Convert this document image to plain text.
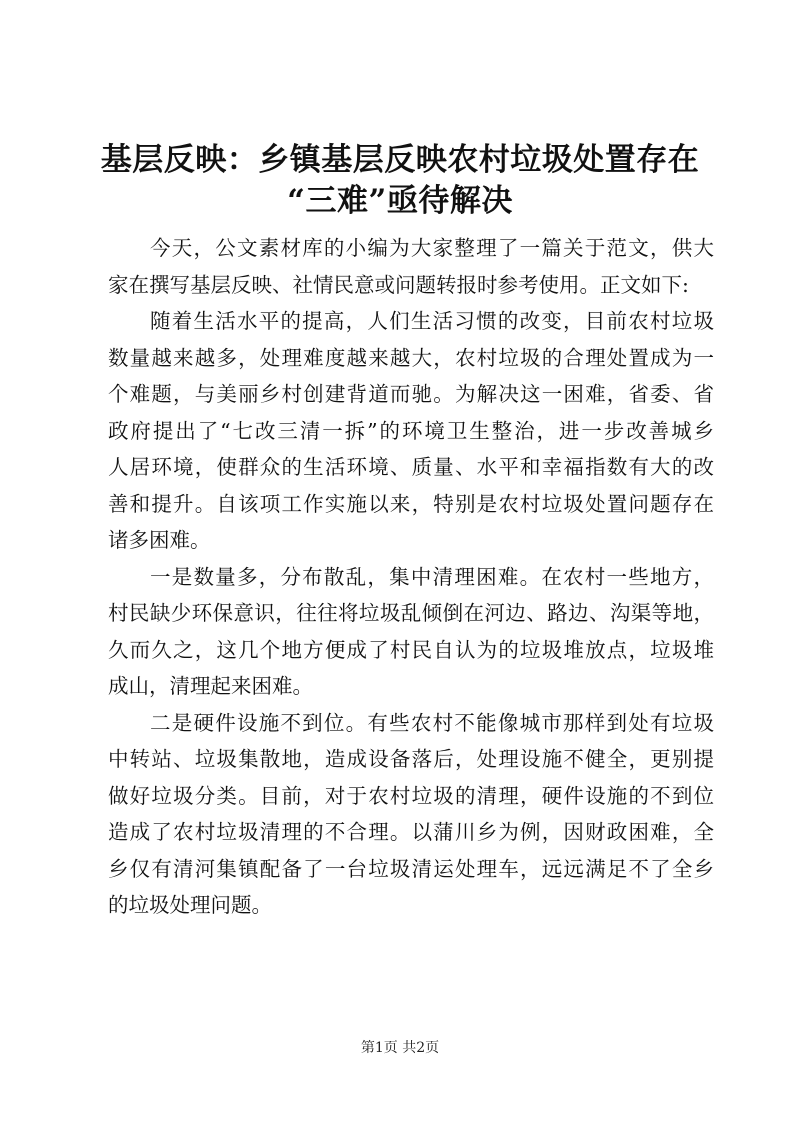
基层反映：乡镇基层反映农村垃圾处置存在
“三难”亟待解决
今天，公文素材库的小编为大家整理了一篇关于范文，供大
家在撰写基层反映、社情民意或问题转报时参考使用。正文如下:
随着生活水平的提高，人们生活习惯的改变，目前农村垃圾
数量越来越多，处理难度越来越大，农村垃圾的合理处置成为一
个难题，与美丽乡村创建背道而驰。为解决这一困难，省委、省
政府提出了“七改三清一拆”的环境卫生整治，进一步改善城乡
人居环境，使群众的生活环境、质量、水平和幸福指数有大的改
善和提升。自该项工作实施以来，特别是农村垃圾处置问题存在
诸多困难。
一是数量多，分布散乱，集中清理困难。在农村一些地方，
村民缺少环保意识，往往将垃圾乱倾倒在河边、路边、沟渠等地，
久而久之，这几个地方便成了村民自认为的垃圾堆放点，垃圾堆
成山，清理起来困难。
二是硬件设施不到位。有些农村不能像城市那样到处有垃圾
中转站、垃圾集散地，造成设备落后，处理设施不健全，更别提
做好垃圾分类。目前，对于农村垃圾的清理，硬件设施的不到位
造成了农村垃圾清理的不合理。以蒲川乡为例，因财政困难，全
乡仅有清河集镇配备了一台垃圾清运处理车，远远满足不了全乡
的垃圾处理问题。
第1页 共2页
